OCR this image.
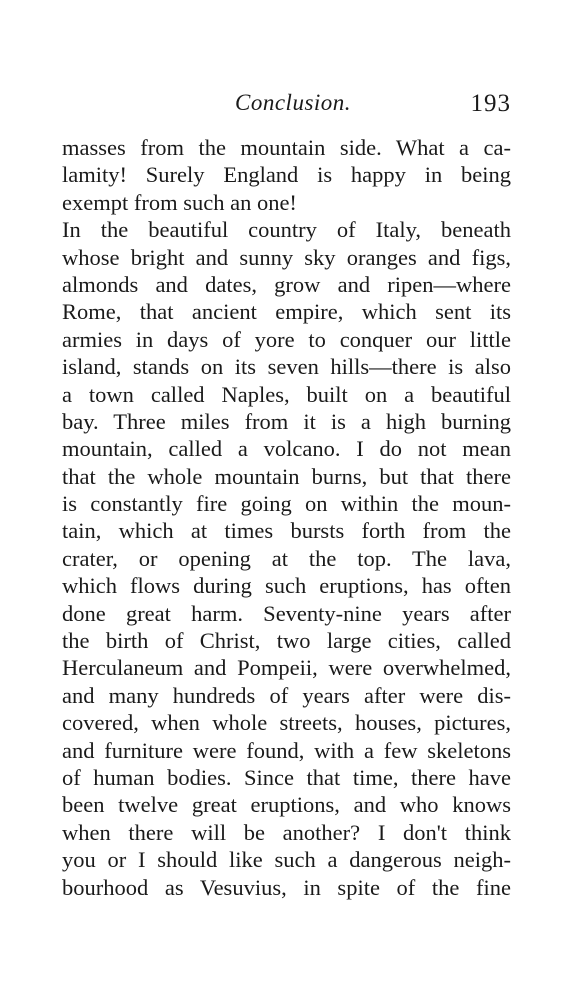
Conclusion.	193
masses from the mountain side. What a ca-
lamity! Surely England is happy in being
exempt from such an one!
In the beautiful country of Italy, beneath
whose bright and sunny sky oranges and figs,
almonds and dates, grow and ripen—where
Rome, that ancient empire, which sent its
armies in days of yore to conquer our little
island, stands on its seven hills—there is also
a town called Naples, built on a beautiful
bay. Three miles from it is a high burning
mountain, called a volcano. I do not mean
that the whole mountain burns, but that there
is constantly fire going on within the moun-
tain, which at times bursts forth from the
crater, or opening at the top. The lava,
which flows during such eruptions, has often
done great harm. Seventy-nine years after
the birth of Christ, two large cities, called
Herculaneum and Pompeii, were overwhelmed,
and many hundreds of years after were dis-
covered, when whole streets, houses, pictures,
and furniture were found, with a few skeletons
of human bodies. Since that time, there have
been twelve great eruptions, and who knows
when there will be another? I don't think
you or I should like such a dangerous neigh-
bourhood as Vesuvius, in spite of the fine
